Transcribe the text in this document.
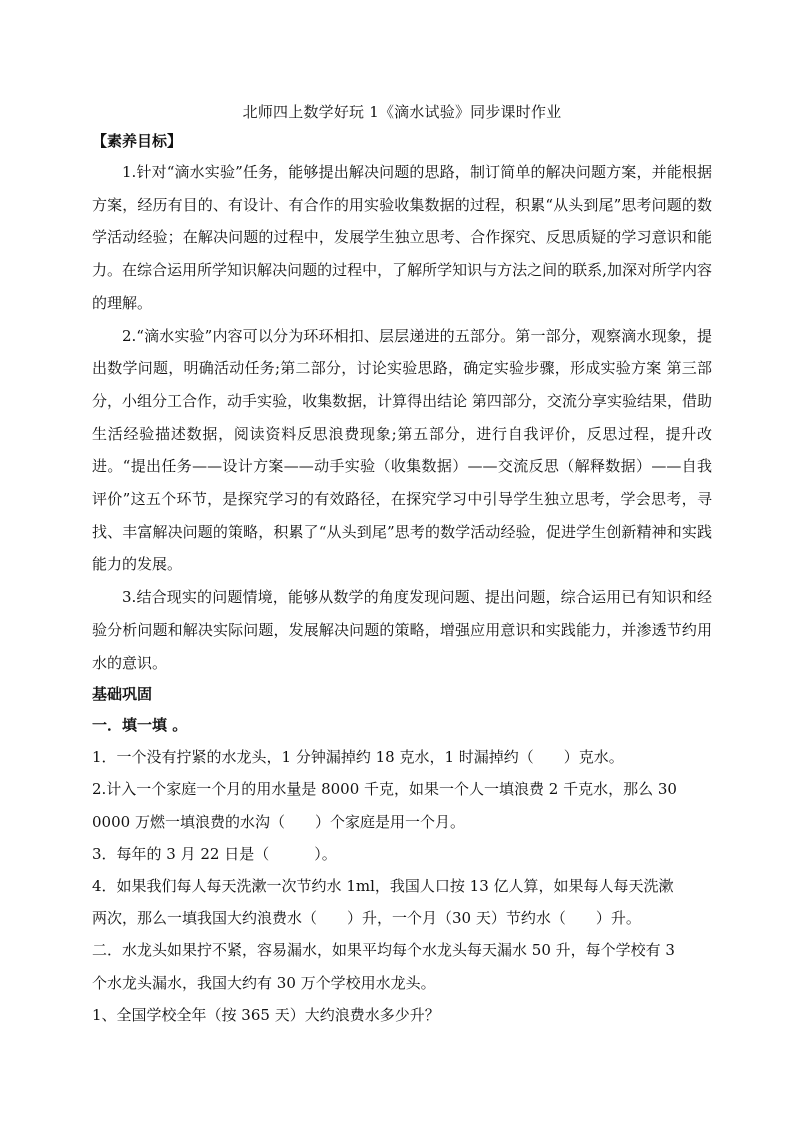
北师四上数学好玩 1《滴水试验》同步课时作业

【素养目标】

1.针对“滴水实验”任务，能够提出解决问题的思路，制订简单的解决问题方案，并能根据方案，经历有目的、有设计、有合作的用实验收集数据的过程，积累“从头到尾”思考问题的数学活动经验；在解决问题的过程中，发展学生独立思考、合作探究、反思质疑的学习意识和能力。在综合运用所学知识解决问题的过程中，了解所学知识与方法之间的联系,加深对所学内容的理解。

2.“滴水实验”内容可以分为环环相扣、层层递进的五部分。第一部分，观察滴水现象，提出数学问题，明确活动任务;第二部分，讨论实验思路，确定实验步骤，形成实验方案 第三部分，小组分工合作，动手实验，收集数据，计算得出结论 第四部分，交流分享实验结果，借助生活经验描述数据，阅读资料反思浪费现象;第五部分，进行自我评价，反思过程，提升改进。“提出任务——设计方案——动手实验（收集数据）——交流反思（解释数据）——自我评价”这五个环节，是探究学习的有效路径，在探究学习中引导学生独立思考，学会思考，寻找、丰富解决问题的策略，积累了“从头到尾”思考的数学活动经验，促进学生创新精神和实践能力的发展。

3.结合现实的问题情境，能够从数学的角度发现问题、提出问题，综合运用已有知识和经验分析问题和解决实际问题，发展解决问题的策略，增强应用意识和实践能力，并渗透节约用水的意识。

基础巩固

一．填一填 。

1．一个没有拧紧的水龙头，1 分钟漏掉约 18 克水，1 时漏掉约（　　）克水。

2.计入一个家庭一个月的用水量是 8000 千克，如果一个人一填浪费 2 千克水，那么 30

0000 万燃一填浪费的水沟（　　）个家庭是用一个月。

3．每年的 3 月 22 日是（　　　）。

4．如果我们每人每天洗漱一次节约水 1ml，我国人口按 13 亿人算，如果每人每天洗漱

两次，那么一填我国大约浪费水（　　）升，一个月（30 天）节约水（　　）升。

二．水龙头如果拧不紧，容易漏水，如果平均每个水龙头每天漏水 50 升，每个学校有 3

个水龙头漏水，我国大约有 30 万个学校用水龙头。

1、全国学校全年（按 365 天）大约浪费水多少升？
